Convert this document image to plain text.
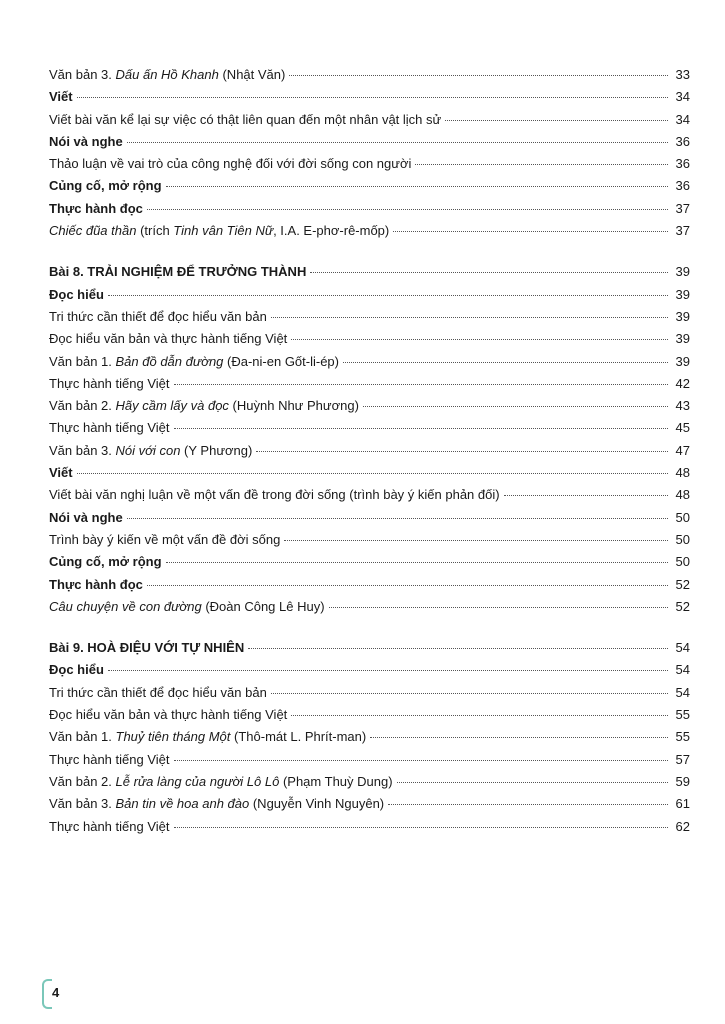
Văn bản 3. Dấu ấn Hồ Khanh (Nhật Văn)	33
Viết	34
Viết bài văn kể lại sự việc có thật liên quan đến một nhân vật lịch sử	34
Nói và nghe	36
Thảo luận về vai trò của công nghệ đối với đời sống con người	36
Củng cố, mở rộng	36
Thực hành đọc	37
Chiếc đũa thần (trích Tinh vân Tiên Nữ, I.A. E-phơ-rê-mốp)	37
Bài 8. TRẢI NGHIỆM ĐỂ TRƯỞNG THÀNH	39
Đọc hiểu	39
Tri thức cần thiết để đọc hiểu văn bản	39
Đọc hiểu văn bản và thực hành tiếng Việt	39
Văn bản 1. Bản đồ dẫn đường (Đa-ni-en Gốt-li-ép)	39
Thực hành tiếng Việt	42
Văn bản 2. Hãy cầm lấy và đọc (Huỳnh Như Phương)	43
Thực hành tiếng Việt	45
Văn bản 3. Nói với con (Y Phương)	47
Viết	48
Viết bài văn nghị luận về một vấn đề trong đời sống (trình bày ý kiến phản đối)	48
Nói và nghe	50
Trình bày ý kiến về một vấn đề đời sống	50
Củng cố, mở rộng	50
Thực hành đọc	52
Câu chuyện về con đường (Đoàn Công Lê Huy)	52
Bài 9. HOÀ ĐIỆU VỚI TỰ NHIÊN	54
Đọc hiểu	54
Tri thức cần thiết để đọc hiểu văn bản	54
Đọc hiểu văn bản và thực hành tiếng Việt	55
Văn bản 1. Thuỷ tiên tháng Một (Thô-mát L. Phrít-man)	55
Thực hành tiếng Việt	57
Văn bản 2. Lễ rửa làng của người Lô Lô (Phạm Thuỳ Dung)	59
Văn bản 3. Bản tin về hoa anh đào (Nguyễn Vinh Nguyên)	61
Thực hành tiếng Việt	62
4
